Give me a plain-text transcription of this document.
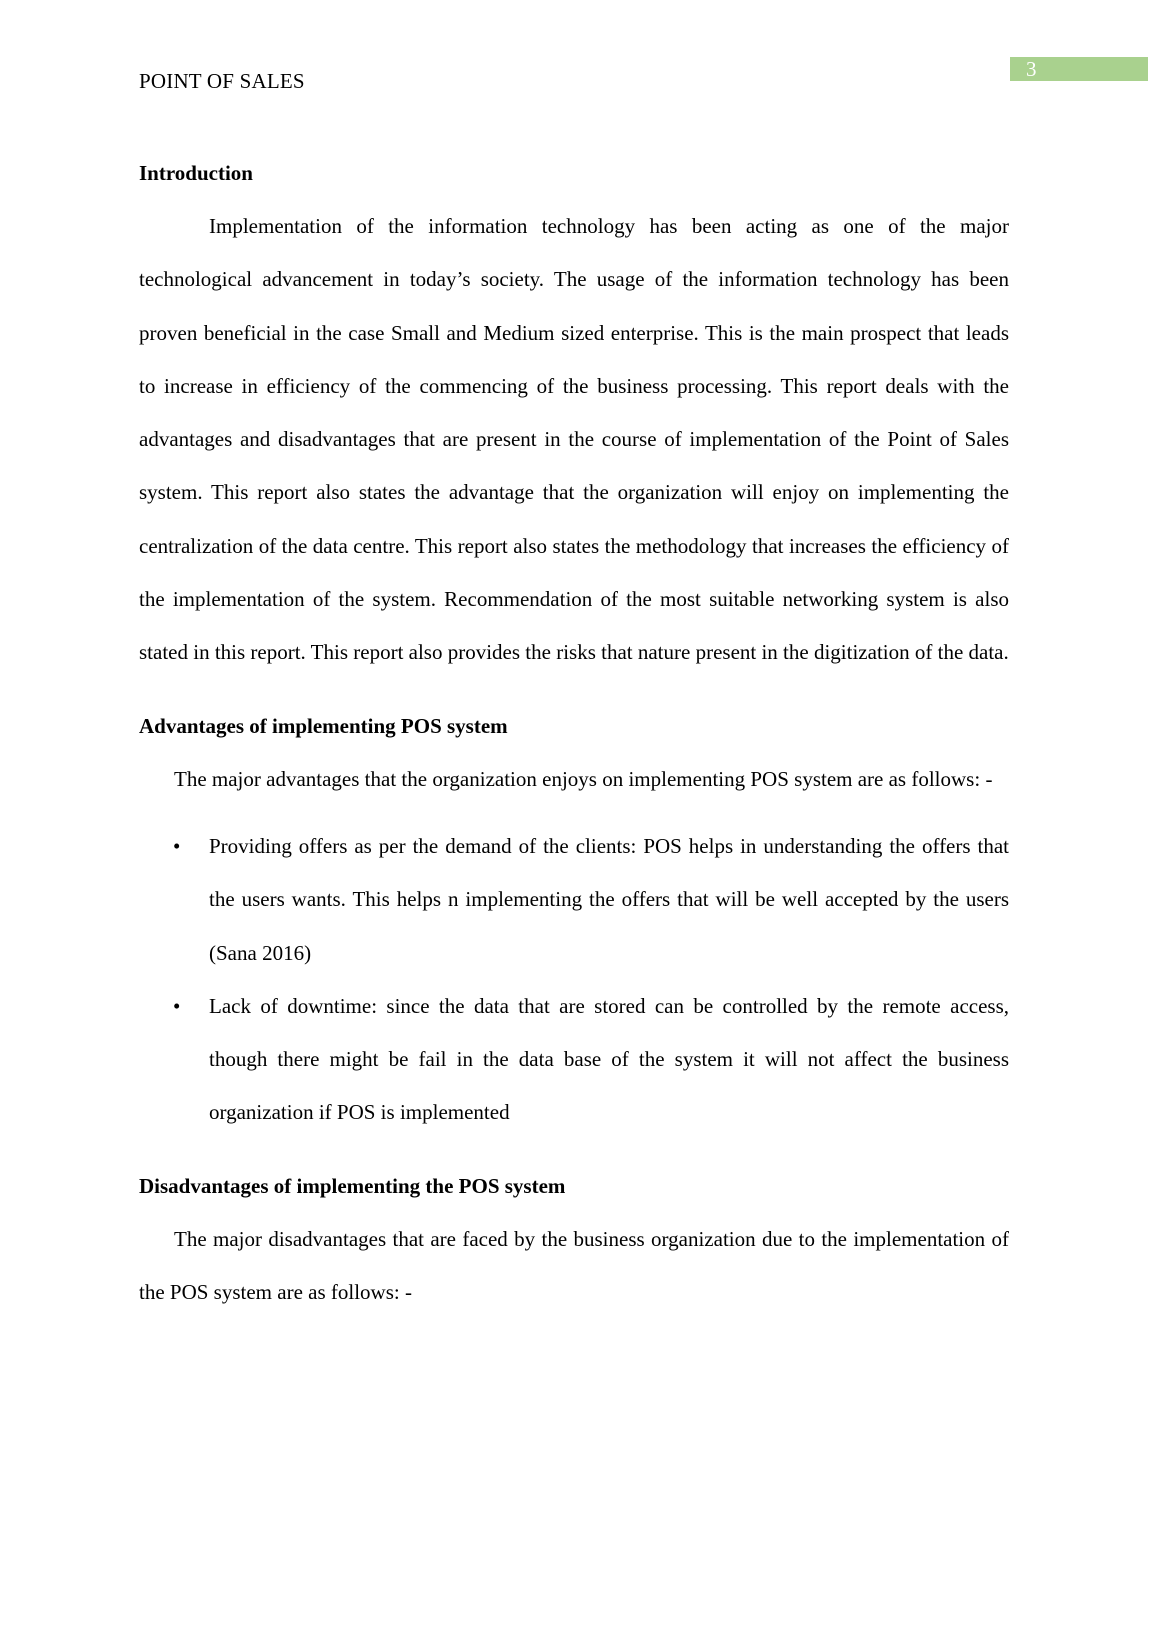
3
POINT OF SALES
Introduction

Implementation of the information technology has been acting as one of the major technological advancement in today’s society. The usage of the information technology has been proven beneficial in the case Small and Medium sized enterprise. This is the main prospect that leads to increase in efficiency of the commencing of the business processing. This report deals with the advantages and disadvantages that are present in the course of implementation of the Point of Sales system. This report also states the advantage that the organization will enjoy on implementing the centralization of the data centre. This report also states the methodology that increases the efficiency of the implementation of the system. Recommendation of the most suitable networking system is also stated in this report. This report also provides the risks that nature present in the digitization of the data.

Advantages of implementing POS system

The major advantages that the organization enjoys on implementing POS system are as follows: -

• Providing offers as per the demand of the clients: POS helps in understanding the offers that the users wants. This helps n implementing the offers that will be well accepted by the users (Sana 2016)
• Lack of downtime: since the data that are stored can be controlled by the remote access, though there might be fail in the data base of the system it will not affect the business organization if POS is implemented
Disadvantages of implementing the POS system

The major disadvantages that are faced by the business organization due to the implementation of the POS system are as follows: -
